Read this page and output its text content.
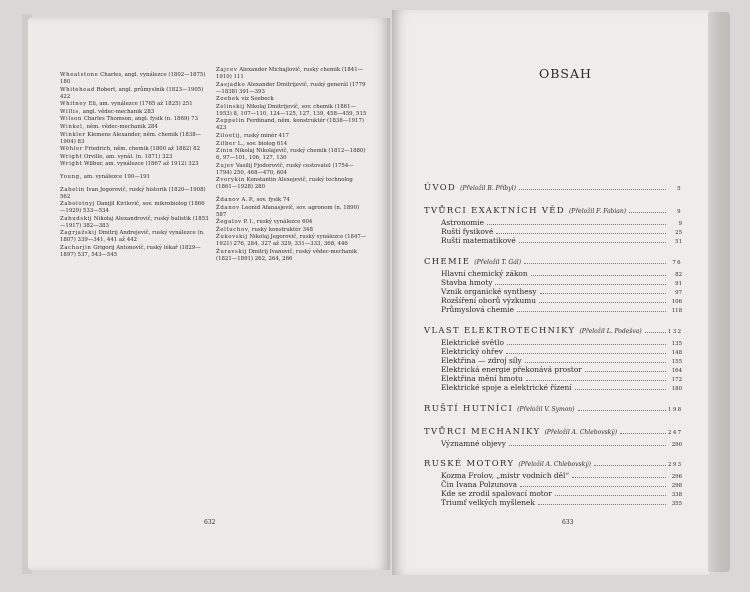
Wheatstone Charles, angl. vynálezce (1802—1875) 180
Whitehead Robert, angl. průmyslník (1823—1905) 422
Whitney Eli, am. vynálezce (1765 až 1825) 251
Willis, angl. vědec-mechanik 283
Wilson Charles Thomson, angl. fysik (n. 1869) 73
Winkel, něm. vědec-mechanik 284
Winkler Klemens Alexander, něm. chemik (1838—1904) 83
Wöhler Friedrich, něm. chemik (1800 až 1882) 82
Wright Orville, am. vynál. (n. 1871) 323
Wright Wilbur, am. vynálezce (1867 až 1912) 323
Young, am. vynálezce 190—191
Zabelin Ivan Jegorovič, ruský historik (1820—1908) 562
Zabolotnyj Danijil Kirilovič, sov. mikrobiolog (1866—1929) 533—534
Zabudskij Nikolaj Alexandrovič, ruský balistik (1853—1917) 382—383
Zagrjažskij Dmitrij Andrejevič, ruský vynálezce (n. 1807) 339—341, 441 až 442
Zacharjin Grigorij Antonovič, ruský lékař (1829—1897) 537, 543—545
Zajcev Alexander Michajlovič, ruský chemik (1841—1910) 111
Zasjadko Alexander Dmitrijevič, ruský generál (1779—1838) 391—393
Zeebek viz Seebeck
Zelinskij Nikolaj Dmitrijevič, sov. chemik (1861—1953) 8, 107—110, 124—125, 127, 139, 458—459, 515
Zeppelin Ferdinand, něm. konstruktér (1838—1917) 423
Ziloetij, ruský minér 417
Zilber L., sov. biolog 614
Zinin Nikolaj Nikolajevič, ruský chemik (1812—1880) 6, 97—101, 106, 127, 130
Zujev Vasilij Fjodorovič, ruský cestovatel (1754—1794) 250, 468—470, 604
Zvorykin Konstantin Alexejevič, ruský technolog (1861—1928) 280
Ždanov A. P., sov. fysik 74
Ždanov Leonid Afanasjevič, sov. agronom (n. 1890) 587
Žegalov P. I., ruský vynálezce 604
Želtuchov, ruský konstruktér 348
Žukovskij Nikolaj Jegorovič, ruský vynálezce (1847—1921) 276, 284, 327 až 329, 331—333, 368, 446
Žuravskij Dmitrij Ivanovič, ruský vědec-mechanik (1821—1891) 262, 264, 266
632
OBSAH
ÚVOD (Přeložil B. Příbyl)	5
TVŮRCI EXAKTNÍCH VĚD (Přeložil F. Fabian)	9
Astronomie	9
Ruští fysikové	25
Ruští matematikové	51
CHEMIE (Přeložil T. Gál)	76
Hlavní chemický zákon	82
Stavba hmoty	91
Vznik organické synthesy	97
Rozšíření oborů výzkumu	106
Průmyslová chemie	118
VLAST ELEKTROTECHNIKY (Přeložil L. Podešva)	132
Elektrické světlo	135
Elektrický ohřev	148
Elektřina — zdroj síly	155
Elektrická energie překonává prostor	164
Elektřina mění hmotu	172
Elektrické spoje a elektrické řízení	180
RUŠTÍ HUTNÍCI (Přeložil V. Symon)	198
TVŮRCI MECHANIKY (Přeložil A. Chlebovský)	247
Významné objevy	290
RUSKÉ MOTORY (Přeložil A. Chlebovský)	293
Kozma Frolov, „mistr vodních děl“	296
Čin Ivana Polzunova	298
Kde se zrodil spalovací motor	338
Triumf velkých myšlenek	355
633
